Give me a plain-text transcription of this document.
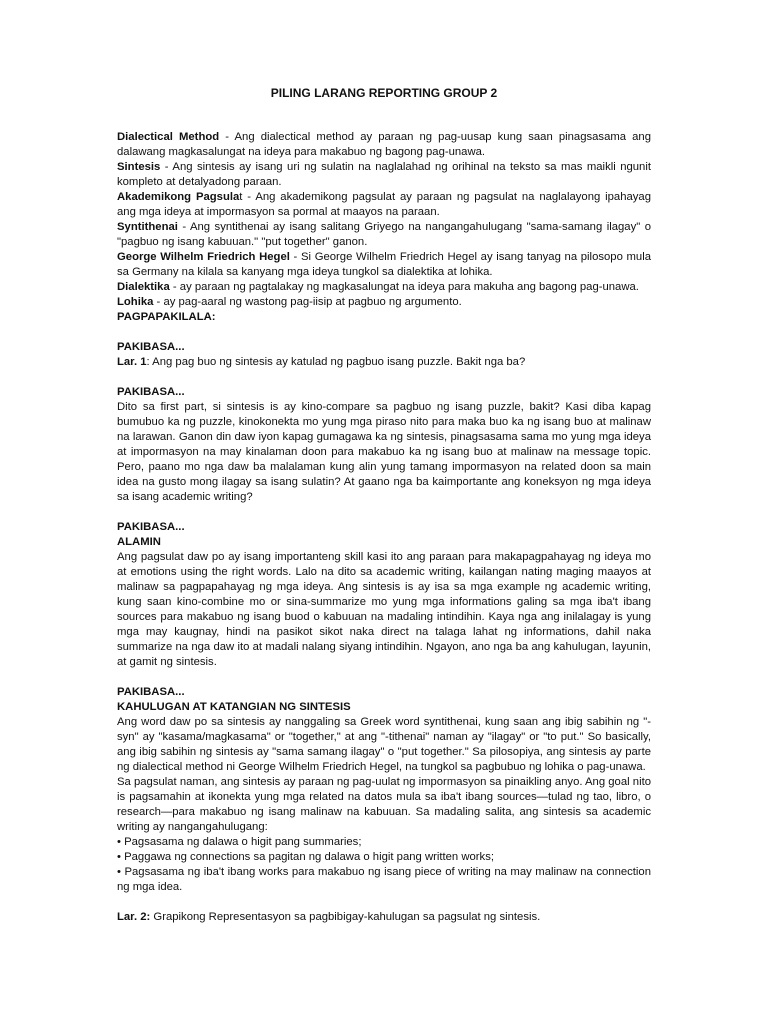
PILING LARANG REPORTING GROUP 2

Dialectical Method - Ang dialectical method ay paraan ng pag-uusap kung saan pinagsasama ang dalawang magkasalungat na ideya para makabuo ng bagong pag-unawa.

Sintesis - Ang sintesis ay isang uri ng sulatin na naglalahad ng orihinal na teksto sa mas maikli ngunit kompleto at detalyadong paraan.

Akademikong Pagsulat - Ang akademikong pagsulat ay paraan ng pagsulat na naglalayong ipahayag ang mga ideya at impormasyon sa pormal at maayos na paraan.

Syntithenai - Ang syntithenai ay isang salitang Griyego na nangangahulugang "sama-samang ilagay" o "pagbuo ng isang kabuuan." "put together" ganon.

George Wilhelm Friedrich Hegel - Si George Wilhelm Friedrich Hegel ay isang tanyag na pilosopo mula sa Germany na kilala sa kanyang mga ideya tungkol sa dialektika at lohika.

Dialektika - ay paraan ng pagtalakay ng magkasalungat na ideya para makuha ang bagong pag-unawa.

Lohika - ay pag-aaral ng wastong pag-iisip at pagbuo ng argumento.

PAGPAPAKILALA:

PAKIBASA...

Lar. 1: Ang pag buo ng sintesis ay katulad ng pagbuo isang puzzle. Bakit nga ba?

PAKIBASA...

Dito sa first part, si sintesis is ay kino-compare sa pagbuo ng isang puzzle, bakit? Kasi diba kapag bumubuo ka ng puzzle, kinokonekta mo yung mga piraso nito para maka buo ka ng isang buo at malinaw na larawan. Ganon din daw iyon kapag gumagawa ka ng sintesis, pinagsasama sama mo yung mga ideya at impormasyon na may kinalaman doon para makabuo ka ng isang buo at malinaw na message topic. Pero, paano mo nga daw ba malalaman kung alin yung tamang impormasyon na related doon sa main idea na gusto mong ilagay sa isang sulatin? At gaano nga ba kaimportante ang koneksyon ng mga ideya sa isang academic writing?

PAKIBASA...

ALAMIN

Ang pagsulat daw po ay isang importanteng skill kasi ito ang paraan para makapagpahayag ng ideya mo at emotions using the right words. Lalo na dito sa academic writing, kailangan nating maging maayos at malinaw sa pagpapahayag ng mga ideya. Ang sintesis is ay isa sa mga example ng academic writing, kung saan kino-combine mo or sina-summarize mo yung mga informations galing sa mga iba't ibang sources para makabuo ng isang buod o kabuuan na madaling intindihin. Kaya nga ang inilalagay is yung mga may kaugnay, hindi na pasikot sikot naka direct na talaga lahat ng informations, dahil naka summarize na nga daw ito at madali nalang siyang intindihin. Ngayon, ano nga ba ang kahulugan, layunin, at gamit ng sintesis.

PAKIBASA...

KAHULUGAN AT KATANGIAN NG SINTESIS

Ang word daw po sa sintesis ay nanggaling sa Greek word syntithenai, kung saan ang ibig sabihin ng "-syn" ay "kasama/magkasama" or "together," at ang "-tithenai" naman ay "ilagay" or "to put." So basically, ang ibig sabihin ng sintesis ay "sama samang ilagay" o "put together." Sa pilosopiya, ang sintesis ay parte ng dialectical method ni George Wilhelm Friedrich Hegel, na tungkol sa pagbubuo ng lohika o pag-unawa.

Sa pagsulat naman, ang sintesis ay paraan ng pag-uulat ng impormasyon sa pinaikling anyo. Ang goal nito is pagsamahin at ikonekta yung mga related na datos mula sa iba't ibang sources—tulad ng tao, libro, o research—para makabuo ng isang malinaw na kabuuan. Sa madaling salita, ang sintesis sa academic writing ay nangangahulugang:

• Pagsasama ng dalawa o higit pang summaries;

• Paggawa ng connections sa pagitan ng dalawa o higit pang written works;

• Pagsasama ng iba't ibang works para makabuo ng isang piece of writing na may malinaw na connection ng mga idea.

Lar. 2: Grapikong Representasyon sa pagbibigay-kahulugan sa pagsulat ng sintesis.
